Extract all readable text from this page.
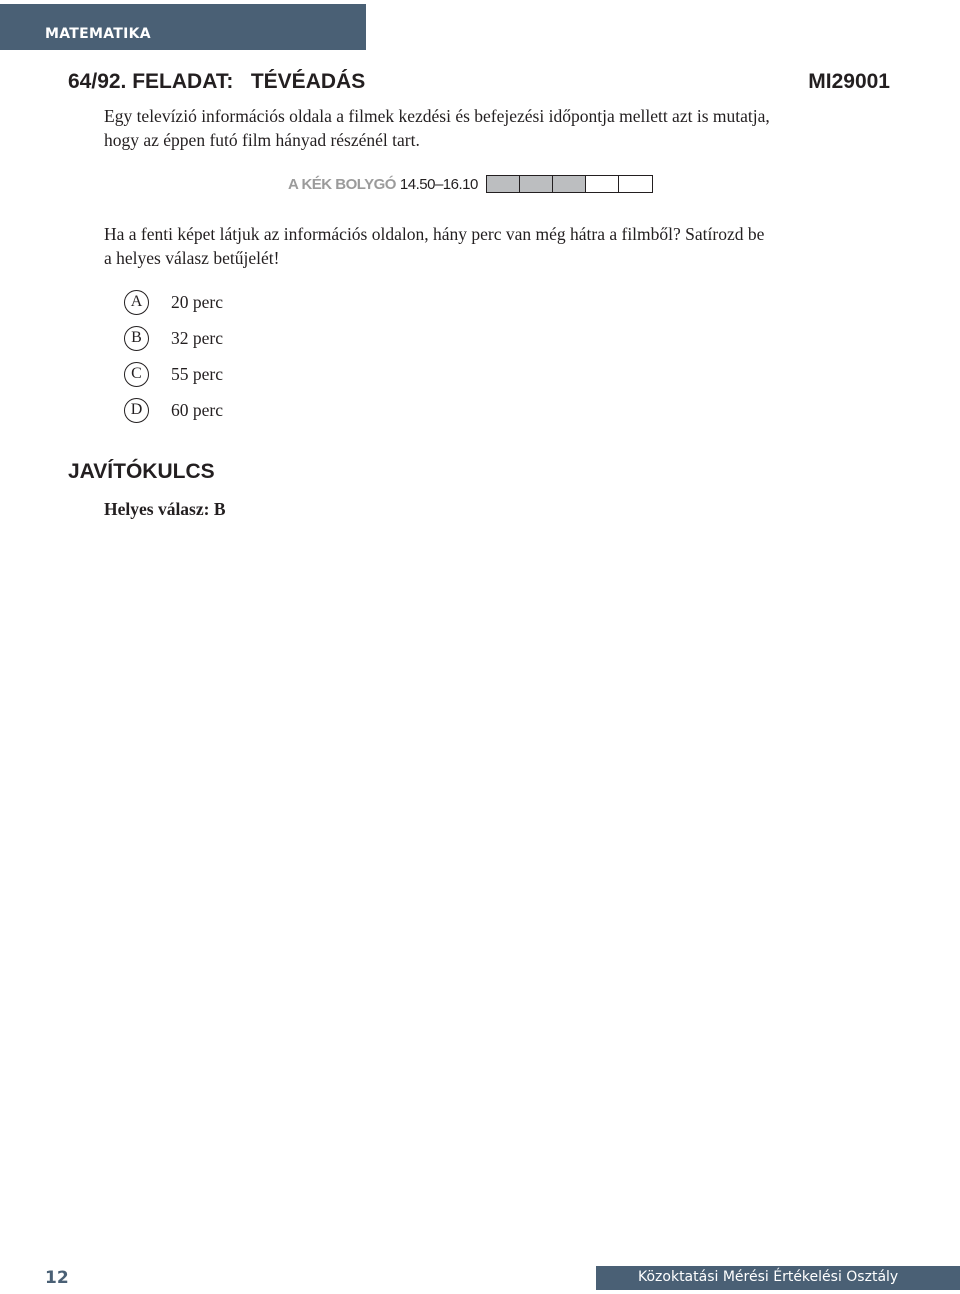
MATEMATIKA
64/92. FELADAT: TÉVÉADÁS	MI29001
Egy televízió információs oldala a filmek kezdési és befejezési időpontja mellett azt is mutatja,
hogy az éppen futó film hányad részénél tart.
A KÉK BOLYGÓ 14.50–16.10
Ha a fenti képet látjuk az információs oldalon, hány perc van még hátra a filmből? Satírozd be
a helyes válasz betűjelét!
A	20 perc
B	32 perc
C	55 perc
D	60 perc
JAVÍTÓKULCS
Helyes válasz: B
12	Közoktatási Mérési Értékelési Osztály
